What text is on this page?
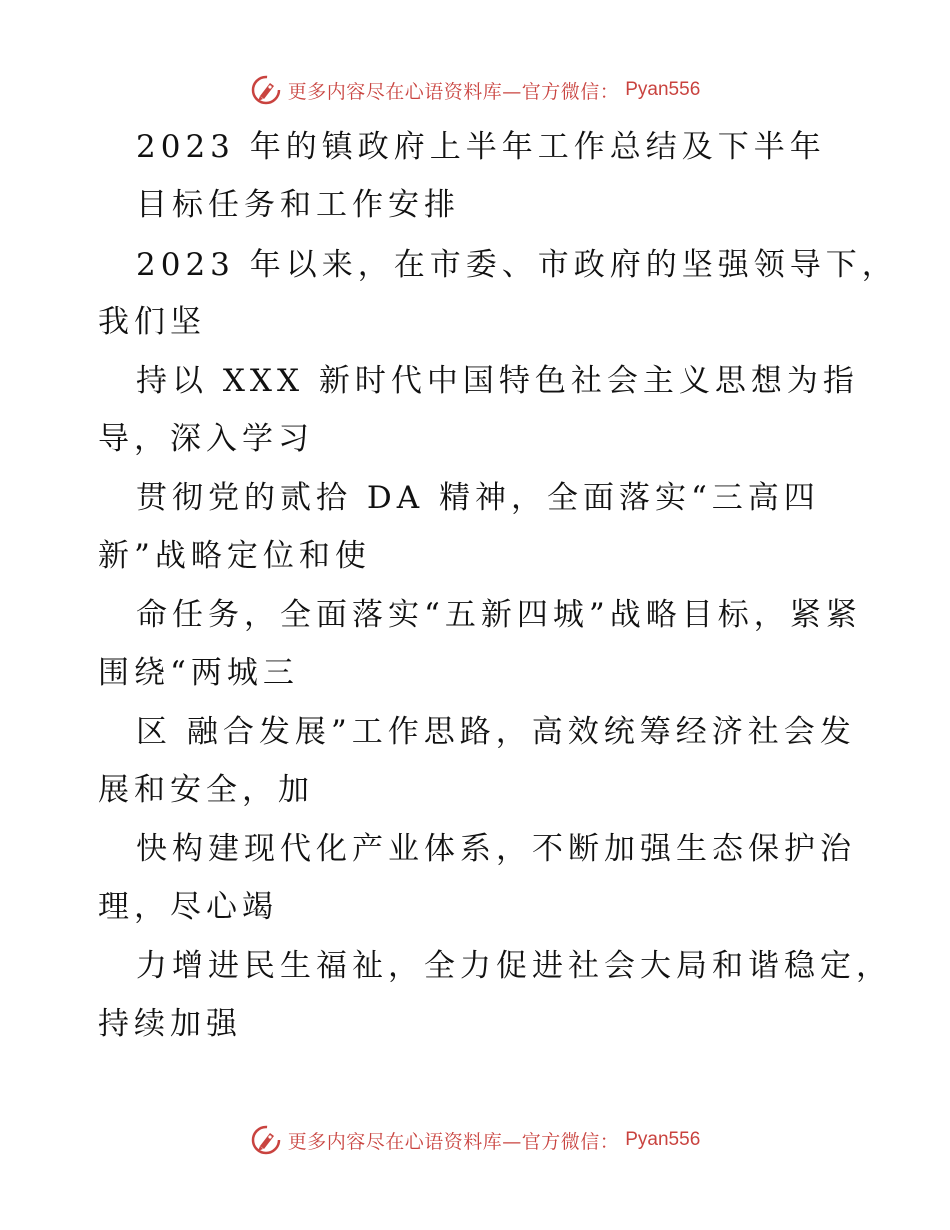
更多内容尽在心语资料库—官方微信： Pyan556
2023 年的镇政府上半年工作总结及下半年
目标任务和工作安排
2023 年以来，在市委、市政府的坚强领导下，
我们坚
持以 XXX 新时代中国特色社会主义思想为指
导，深入学习
贯彻党的贰拾 DA 精神，全面落实“三高四
新”战略定位和使
命任务，全面落实“五新四城”战略目标，紧紧
围绕“两城三
区 融合发展”工作思路，高效统筹经济社会发
展和安全，加
快构建现代化产业体系，不断加强生态保护治
理，尽心竭
力增进民生福祉，全力促进社会大局和谐稳定，
持续加强
更多内容尽在心语资料库—官方微信： Pyan556
